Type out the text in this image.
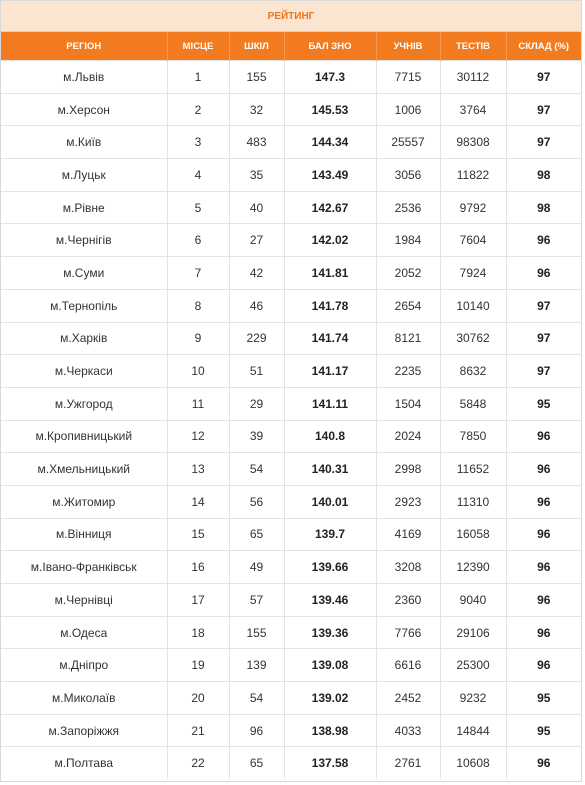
РЕЙТИНГ						
РЕГІОН	МІСЦЕ	ШКІЛ	БАЛ ЗНО	УЧНІВ	ТЕСТІВ	СКЛАД (%)
м.Львів	1	155	147.3	7715	30112	97
м.Херсон	2	32	145.53	1006	3764	97
м.Київ	3	483	144.34	25557	98308	97
м.Луцьк	4	35	143.49	3056	11822	98
м.Рівне	5	40	142.67	2536	9792	98
м.Чернігів	6	27	142.02	1984	7604	96
м.Суми	7	42	141.81	2052	7924	96
м.Тернопіль	8	46	141.78	2654	10140	97
м.Харків	9	229	141.74	8121	30762	97
м.Черкаси	10	51	141.17	2235	8632	97
м.Ужгород	11	29	141.11	1504	5848	95
м.Кропивницький	12	39	140.8	2024	7850	96
м.Хмельницький	13	54	140.31	2998	11652	96
м.Житомир	14	56	140.01	2923	11310	96
м.Вінниця	15	65	139.7	4169	16058	96
м.Івано-Франківськ	16	49	139.66	3208	12390	96
м.Чернівці	17	57	139.46	2360	9040	96
м.Одеса	18	155	139.36	7766	29106	96
м.Дніпро	19	139	139.08	6616	25300	96
м.Миколаїв	20	54	139.02	2452	9232	95
м.Запоріжжя	21	96	138.98	4033	14844	95
м.Полтава	22	65	137.58	2761	10608	96
